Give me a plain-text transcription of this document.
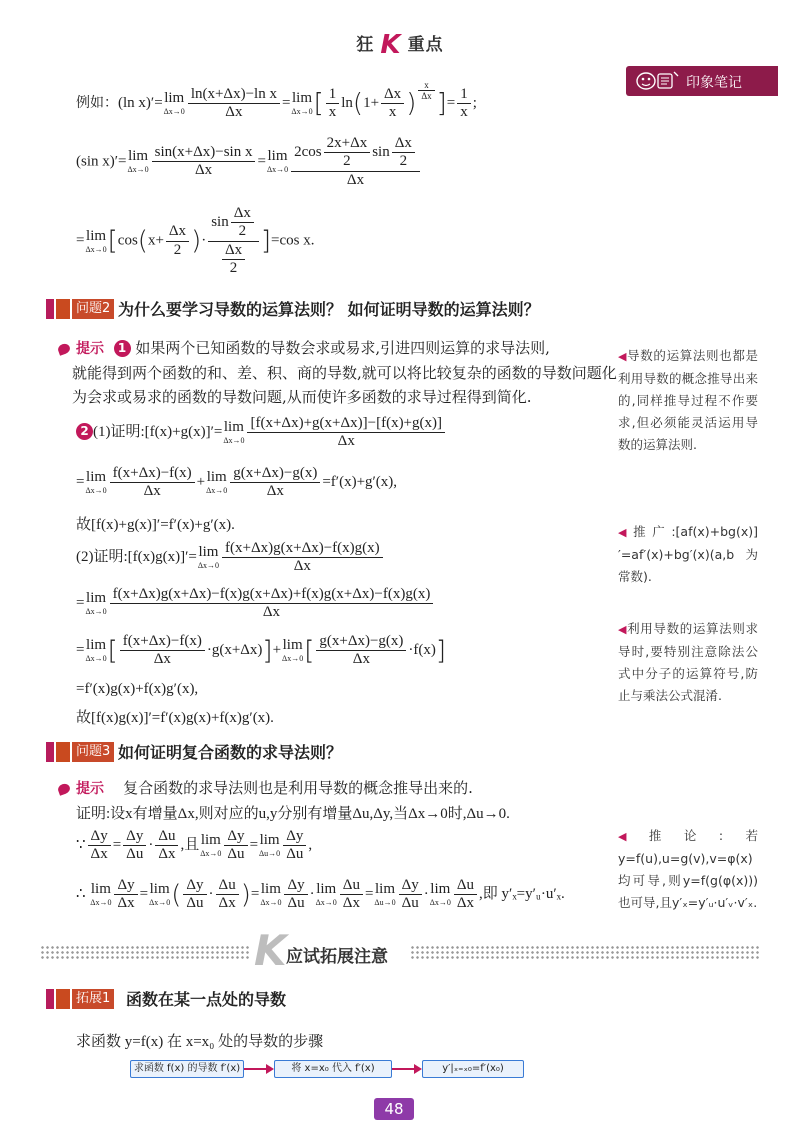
狂 K 重点
印象笔记
例如：(ln x)′= lim
$\Delta x\to 0 \frac{\text{ln(x+Δx)−ln x}}{\Delta x} = \lim$
Δx→0 [ $\frac{1}{x} \ln(1+ \frac{\Delta x}{x}$ ) $^{\frac{x}{\Delta x}}$ ]= $\frac{1}{x}$ ;
(sin x)′= lim
$\Delta x\to 0 \frac{\text{sin(x+Δx)−sin x}}{\Delta x} = \lim$
$\Delta x\to 0 \frac{2\cos \frac{2x+\Delta x}{2} \sin \frac{\Delta x}{2}}{\Delta x}$
= lim
Δx→0 [$\cos(x+ \frac{\Delta x}{2}$ )· $\frac{\sin \frac{\Delta x}{2}}{\frac{\Delta x}{2}} ]=\cos$ x.
问题2 为什么要学习导数的运算法则？ 如何证明导数的运算法则？
提示 1 如果两个已知函数的导数会求或易求,引进四则运算的求导法则,
就能得到两个函数的和、差、积、商的导数,就可以将比较复杂的函数的导数问题化
为会求或易求的函数的导数问题,从而使许多函数的求导过程得到简化.
2 (1)证明:[f(x)+g(x)]′= lim
$\Delta x\to 0 \frac{[f(x+\Delta x)+g(x+\Delta x)]-[f(x)+g(x)]}{\Delta x}$
= lim
$\Delta x\to 0 \frac{f(x+\Delta x)-f(x)}{\Delta x} + \lim$
$\Delta x\to 0 \frac{g(x+\Delta x)-g(x)}{\Delta x} =f'(x)+g'(x)$,
故[f(x)+g(x)]′=f′(x)+g′(x).
(2)证明:[f(x)g(x)]′= lim
$\Delta x\to 0 \frac{f(x+\Delta x)g(x+\Delta x)-f(x)g(x)}{\Delta x}$
= lim
$\Delta x\to 0 \frac{f(x+\Delta x)g(x+\Delta x)-f(x)g(x+\Delta x)+f(x)g(x+\Delta x)-f(x)g(x)}{\Delta x}$
= lim
Δx→0 [ $\frac{f(x+\Delta x)-f(x)}{\Delta x} \cdot g(x+\Delta x)]+ \lim$
Δx→0 [ $\frac{g(x+\Delta x)-g(x)}{\Delta x} \cdot f(x)$]
=f′(x)g(x)+f(x)g′(x),
故[f(x)g(x)]′=f′(x)g(x)+f(x)g′(x).
◀导数的运算法则也都是利用导数的概念推导出来的,同样推导过程不作要求,但必须能灵活运用导数的运算法则.
◀推广:[af(x)+bg(x)]′=af′(x)+bg′(x)(a,b为常数).
◀利用导数的运算法则求导时,要特别注意除法公式中分子的运算符号,防止与乘法公式混淆.
◀推论:若y=f(u),u=g(v),v=φ(x)均可导,则y=f(g(φ(x)))也可导,且y′ₓ=y′ᵤ·u′ᵥ·v′ₓ.
问题3 如何证明复合函数的求导法则？
提示 复合函数的求导法则也是利用导数的概念推导出来的.
证明:设x有增量Δx,则对应的u,y分别有增量Δu,Δy,当Δx→0时,Δu→0.
∵ $\frac{\Delta y}{\Delta x} = \frac{\Delta y}{\Delta u} \cdot \frac{\Delta u}{\Delta x}$ ,且 lim
$\Delta x\to 0 \frac{\Delta y}{\Delta u} = \lim$
$\Delta u\to 0 \frac{\Delta y}{\Delta u}$ ,
∴ lim
$\Delta x\to 0 \frac{\Delta y}{\Delta x} = \lim$
Δx→0 ( $\frac{\Delta y}{\Delta u} \cdot \frac{\Delta u}{\Delta x}$ )= lim
$\Delta x\to 0 \frac{\Delta y}{\Delta u} \cdot \lim$
$\Delta x\to 0 \frac{\Delta u}{\Delta x} = \lim$
$\Delta u\to 0 \frac{\Delta y}{\Delta u} \cdot \lim$
$\Delta x\to 0 \frac{\Delta u}{\Delta x}$ ,即 y′ₓ=y′ᵤ·u′ₓ.
K 应试拓展注意
拓展1 函数在某一点处的导数
求函数 y=f(x) 在 x=x₀ 处的导数的步骤
求函数 f(x) 的导数 f′(x)	将 x=x₀ 代入 f′(x)	y′|ₓ₌ₓ₀=f′(x₀)
48
